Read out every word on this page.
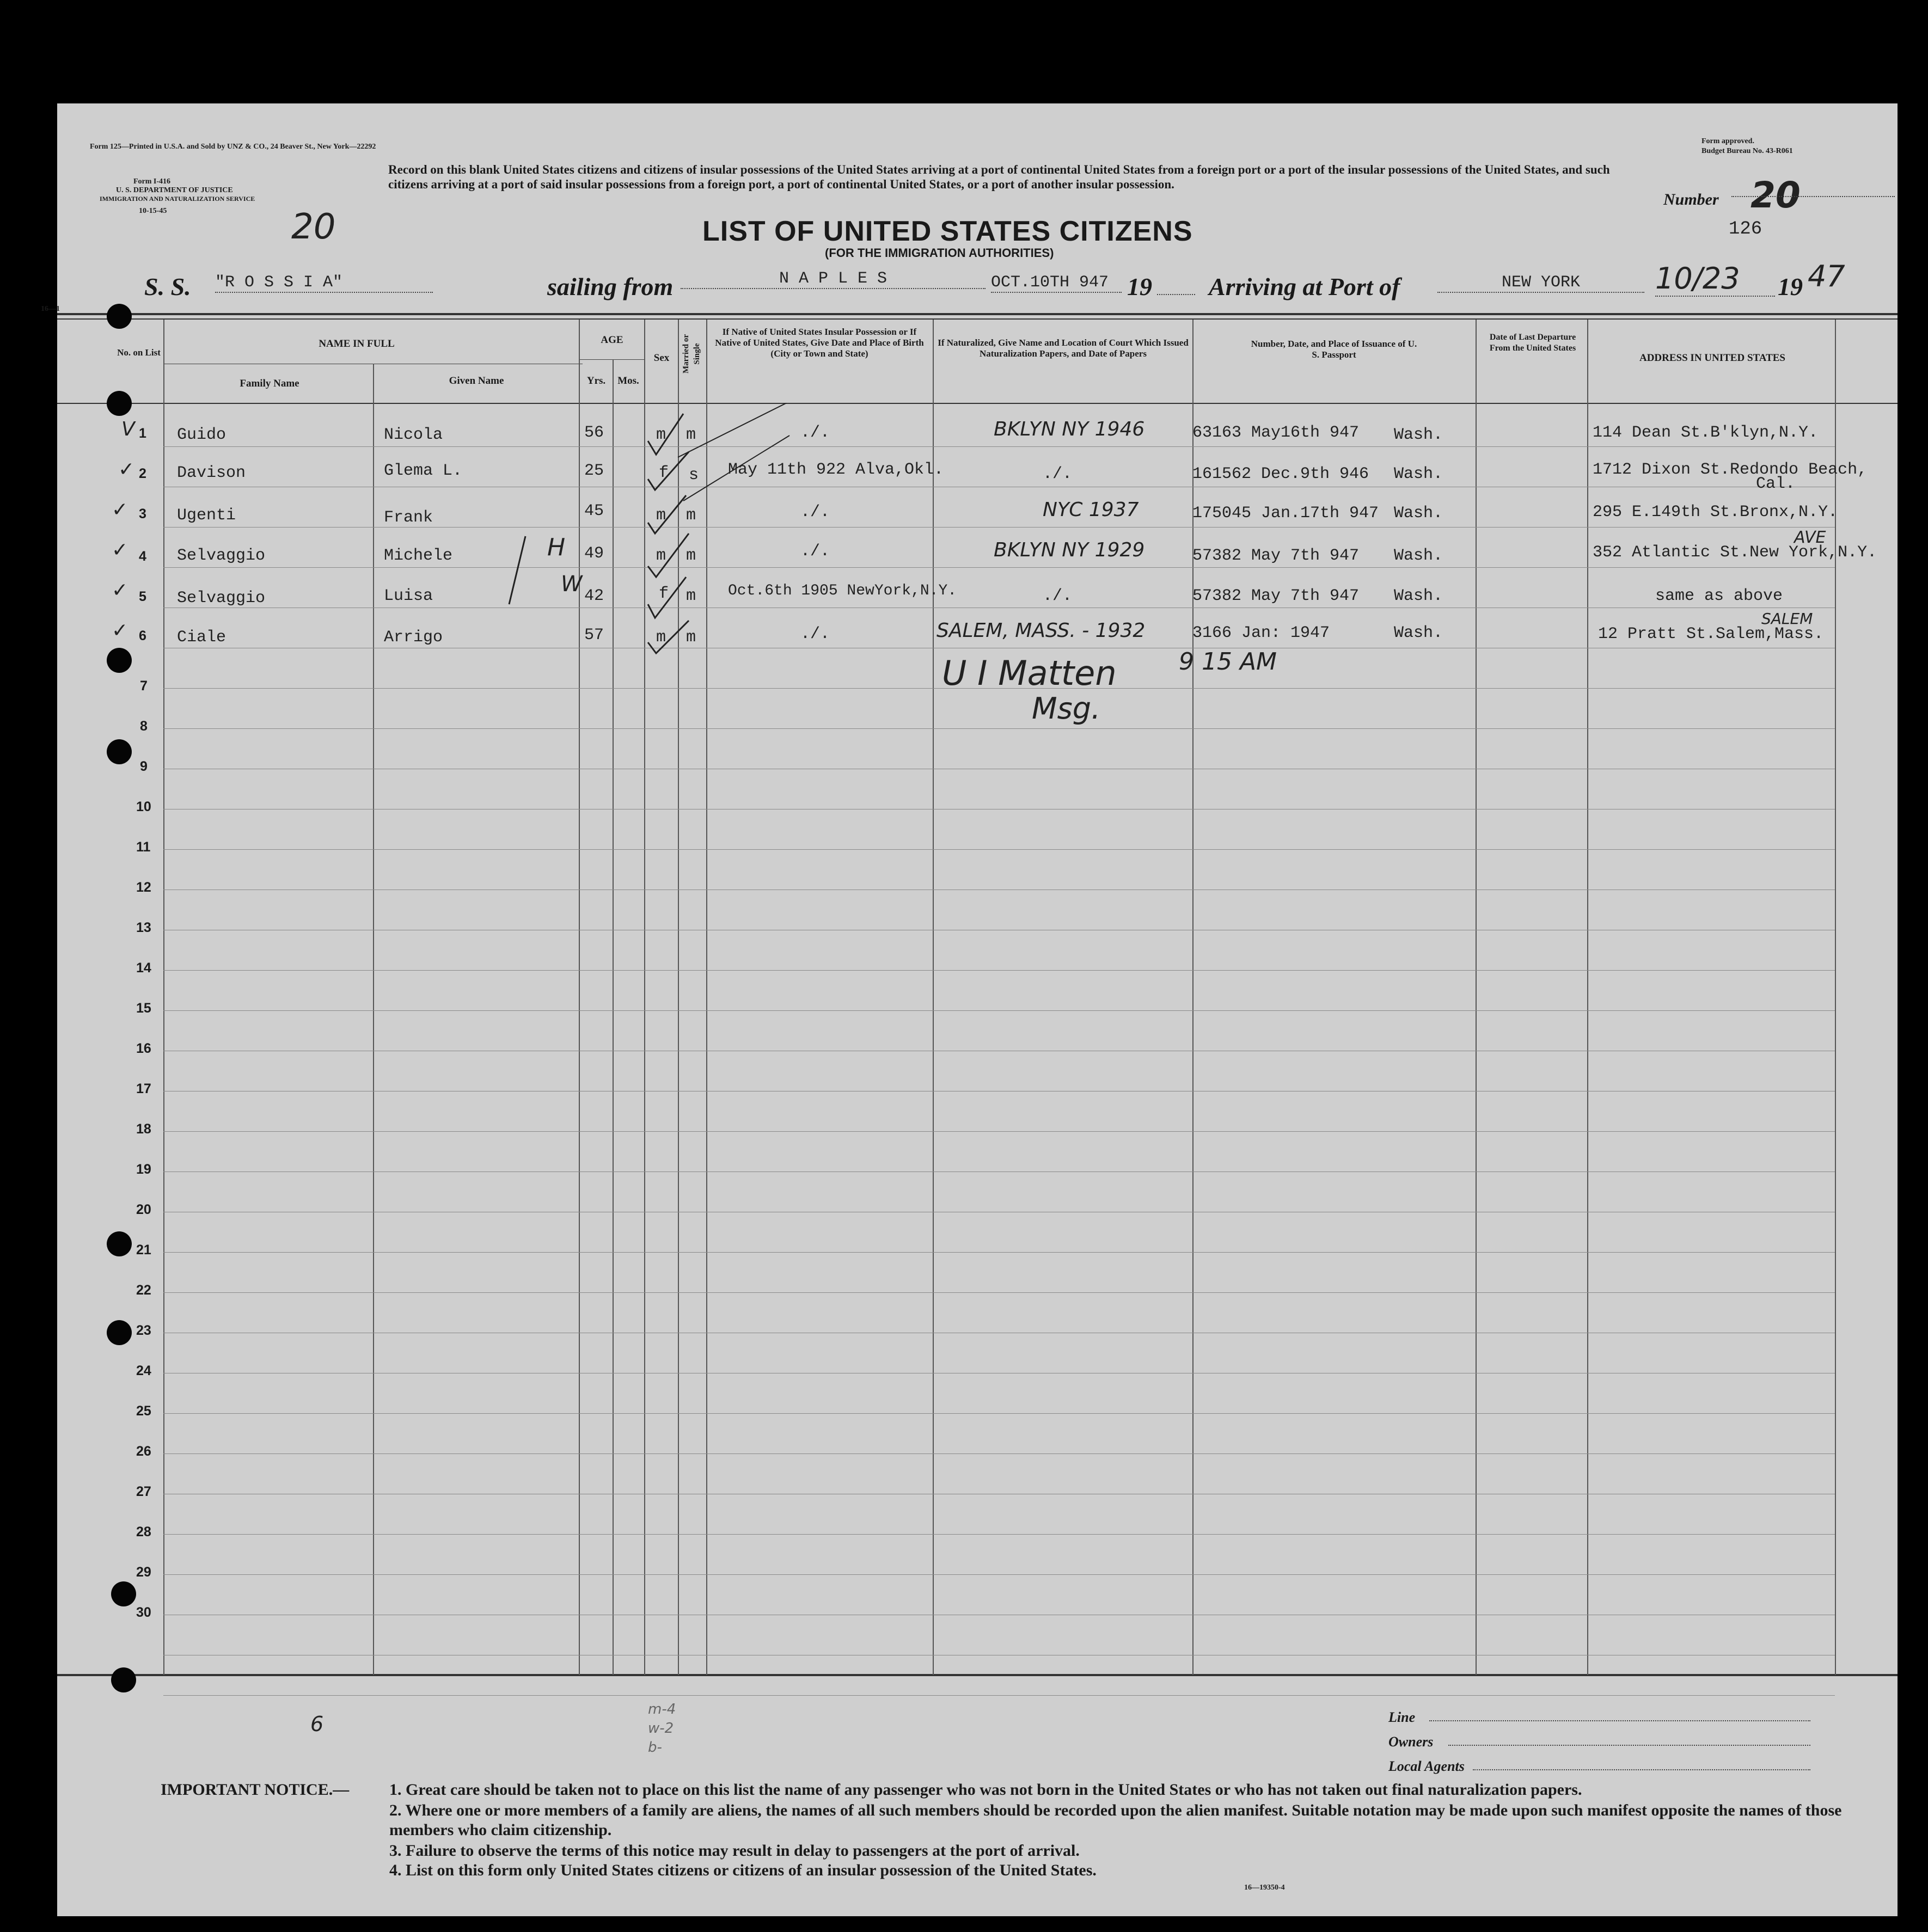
Form 125—Printed in U.S.A. and Sold by UNZ & CO., 24 Beaver St., New York—22292
Form approved.
Budget Bureau No. 43-R061
Form I-416
U. S. DEPARTMENT OF JUSTICE
IMMIGRATION AND NATURALIZATION SERVICE
10-15-45
Record on this blank United States citizens and citizens of insular possessions of the United States arriving at a port of continental United States from a foreign port or a port of the insular possessions of the United States, and such citizens arriving at a port of said insular possessions from a foreign port, a port of continental United States, or a port of another insular possession.
20
Number 20
126
LIST OF UNITED STATES CITIZENS
(FOR THE IMMIGRATION AUTHORITIES)
S. S. "R O S S I A"	sailing from	N A P L E S	OCT.10TH 947 19 Arriving at Port of	NEW YORK	10/23	19 47
16—1
No. on List
NAME IN FULL
Family Name	Given Name
AGE
Yrs.	Mos.
Sex	Married or Single
If Native of United States Insular Possession or If Native of United States, Give Date and Place of Birth (City or Town and State)
If Naturalized, Give Name and Location of Court Which Issued Naturalization Papers, and Date of Papers
Number, Date, and Place of Issuance of U. S. Passport
Date of Last Departure From the United States
ADDRESS IN UNITED STATES
V 1 Guido	Nicola	56	m m	./.	BKLYN NY 1946	63163 May16th 947 Wash.	114 Dean St.B'klyn,N.Y.
✓ 2 Davison	Glema L.	25	f s May 11th 922 Alva,Okl.	./.	161562 Dec.9th 946 Wash.	1712 Dixon St.Redondo Beach,
Cal.
✓ 3 Ugenti	Frank	45	m m	./.	NYC 1937	175045 Jan.17th 947 Wash.	295 E.149th St.Bronx,N.Y.
✓ 4 Selvaggio	Michele	49	m m	./.	BKLYN NY 1929	57382 May 7th 947 Wash.	352 Atlantic St.New York,N.Y.
✓ 5 Selvaggio	Luisa	42	f m Oct.6th 1905 NewYork,N.Y.	./.	57382 May 7th 947 Wash.	same as above
✓ 6 Ciale	Arrigo	57	m m	./.	SALEM, MASS. - 1932	3166 Jan: 1947	Wash.	12 Pratt St.Salem,Mass.
H
W
AVE
SALEM
U I Matten	9 15 AM
Msg.
7
8
9
10
11
12
13
14
15
16
17
18
19
20
21
22
23
24
25
26
27
28
29
30
6
m-4
w-2
b-
Line
Owners
Local Agents
IMPORTANT NOTICE.— 1. Great care should be taken not to place on this list the name of any passenger who was not born in the United States or who has not taken out final naturalization papers.
2. Where one or more members of a family are aliens, the names of all such members should be recorded upon the alien manifest. Suitable notation may be made upon such manifest opposite the names of those members who claim citizenship.
3. Failure to observe the terms of this notice may result in delay to passengers at the port of arrival.
4. List on this form only United States citizens or citizens of an insular possession of the United States.
16—19350-4
